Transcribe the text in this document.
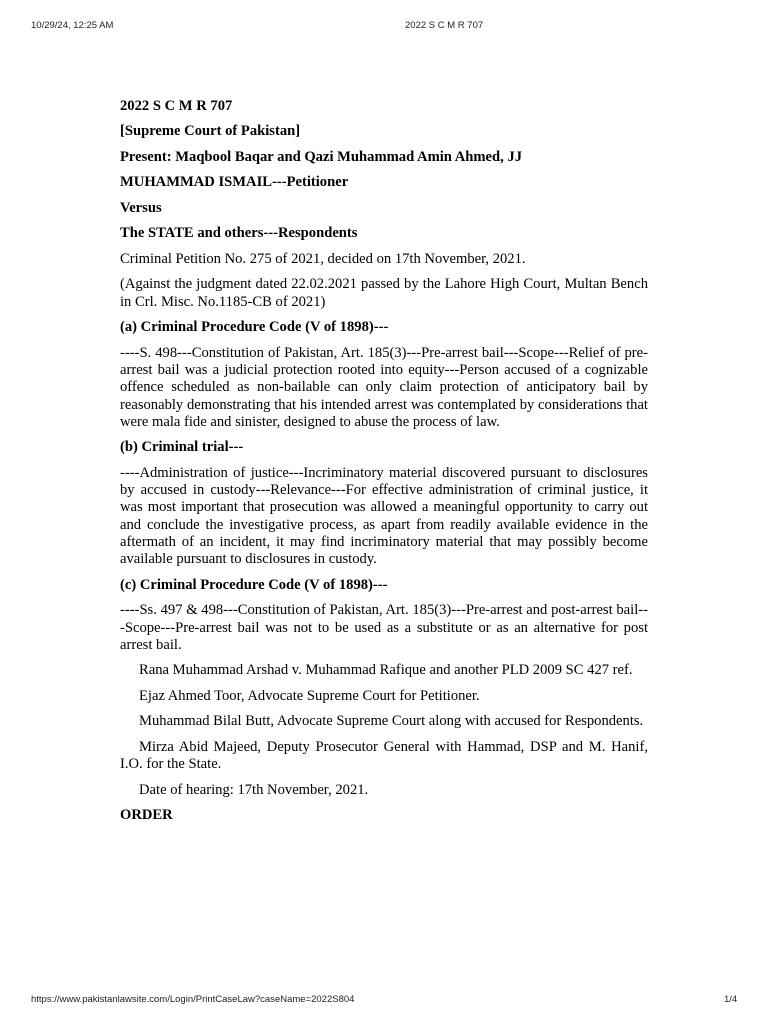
10/29/24, 12:25 AM	2022 S C M R 707

2022 S C M R 707

[Supreme Court of Pakistan]

Present: Maqbool Baqar and Qazi Muhammad Amin Ahmed, JJ

MUHAMMAD ISMAIL---Petitioner

Versus

The STATE and others---Respondents

Criminal Petition No. 275 of 2021, decided on 17th November, 2021.

(Against the judgment dated 22.02.2021 passed by the Lahore High Court, Multan Bench in Crl. Misc. No.1185-CB of 2021)

(a) Criminal Procedure Code (V of 1898)---

----S. 498---Constitution of Pakistan, Art. 185(3)---Pre-arrest bail---Scope---Relief of pre-arrest bail was a judicial protection rooted into equity---Person accused of a cognizable offence scheduled as non-bailable can only claim protection of anticipatory bail by reasonably demonstrating that his intended arrest was contemplated by considerations that were mala fide and sinister, designed to abuse the process of law.

(b) Criminal trial---

----Administration of justice---Incriminatory material discovered pursuant to disclosures by accused in custody---Relevance---For effective administration of criminal justice, it was most important that prosecution was allowed a meaningful opportunity to carry out and conclude the investigative process, as apart from readily available evidence in the aftermath of an incident, it may find incriminatory material that may possibly become available pursuant to disclosures in custody.

(c) Criminal Procedure Code (V of 1898)---

----Ss. 497 & 498---Constitution of Pakistan, Art. 185(3)---Pre-arrest and post-arrest bail---Scope---Pre-arrest bail was not to be used as a substitute or as an alternative for post arrest bail.

Rana Muhammad Arshad v. Muhammad Rafique and another PLD 2009 SC 427 ref.

Ejaz Ahmed Toor, Advocate Supreme Court for Petitioner.

Muhammad Bilal Butt, Advocate Supreme Court along with accused for Respondents.

Mirza Abid Majeed, Deputy Prosecutor General with Hammad, DSP and M. Hanif, I.O. for the State.

Date of hearing: 17th November, 2021.

ORDER

https://www.pakistanlawsite.com/Login/PrintCaseLaw?caseName=2022S804	1/4
